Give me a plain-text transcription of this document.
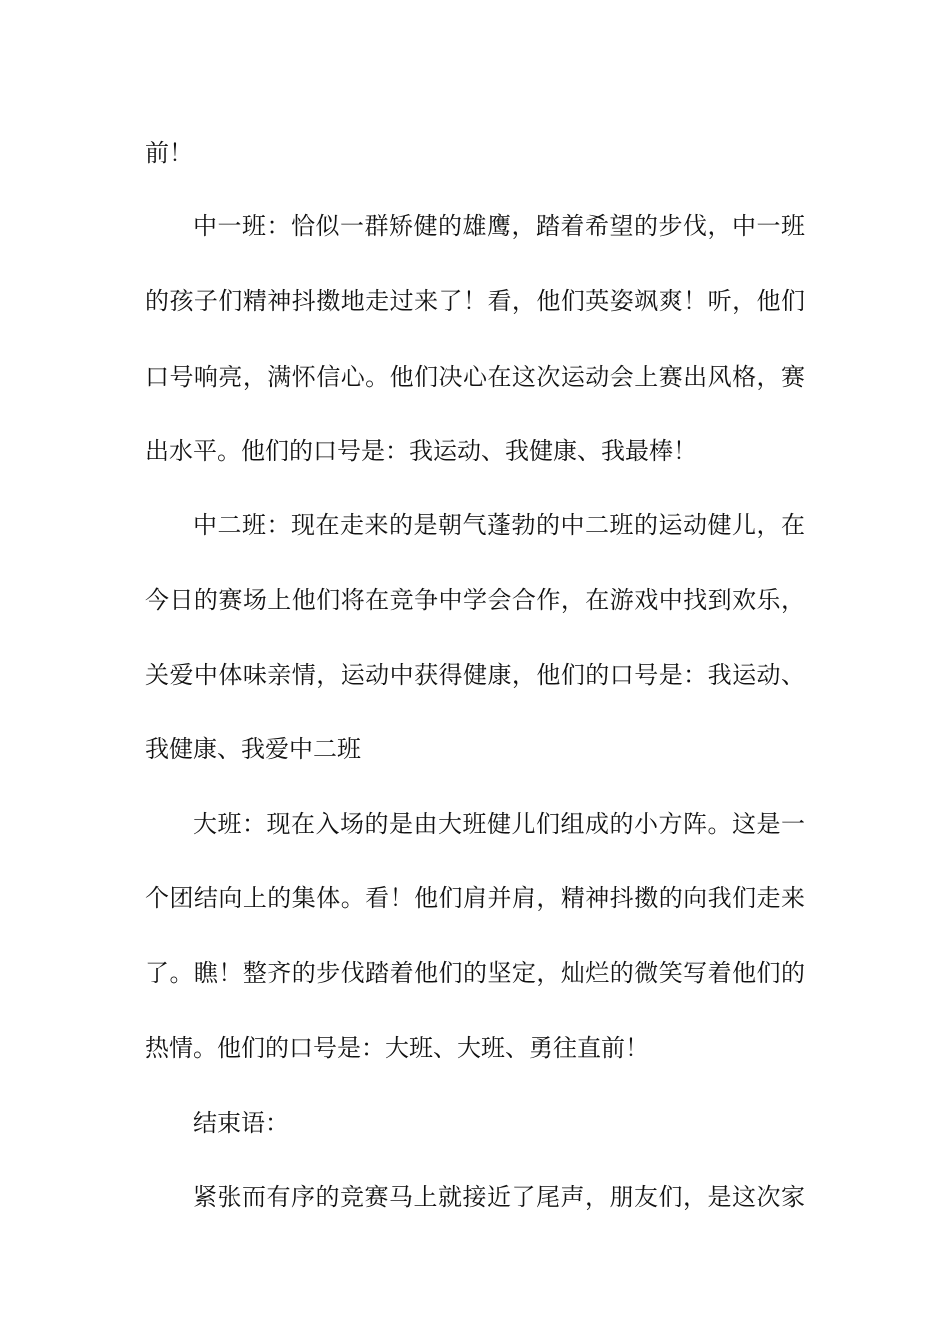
前！
中一班：恰似一群矫健的雄鹰，踏着希望的步伐，中一班
的孩子们精神抖擞地走过来了！看，他们英姿飒爽！听，他们
口号响亮，满怀信心。他们决心在这次运动会上赛出风格，赛
出水平。他们的口号是：我运动、我健康、我最棒！
中二班：现在走来的是朝气蓬勃的中二班的运动健儿，在
今日的赛场上他们将在竞争中学会合作，在游戏中找到欢乐，
关爱中体味亲情，运动中获得健康，他们的口号是：我运动、
我健康、我爱中二班
大班：现在入场的是由大班健儿们组成的小方阵。这是一
个团结向上的集体。看！他们肩并肩，精神抖擞的向我们走来
了。瞧！整齐的步伐踏着他们的坚定，灿烂的微笑写着他们的
热情。他们的口号是：大班、大班、勇往直前！
结束语：
紧张而有序的竞赛马上就接近了尾声，朋友们，是这次家
